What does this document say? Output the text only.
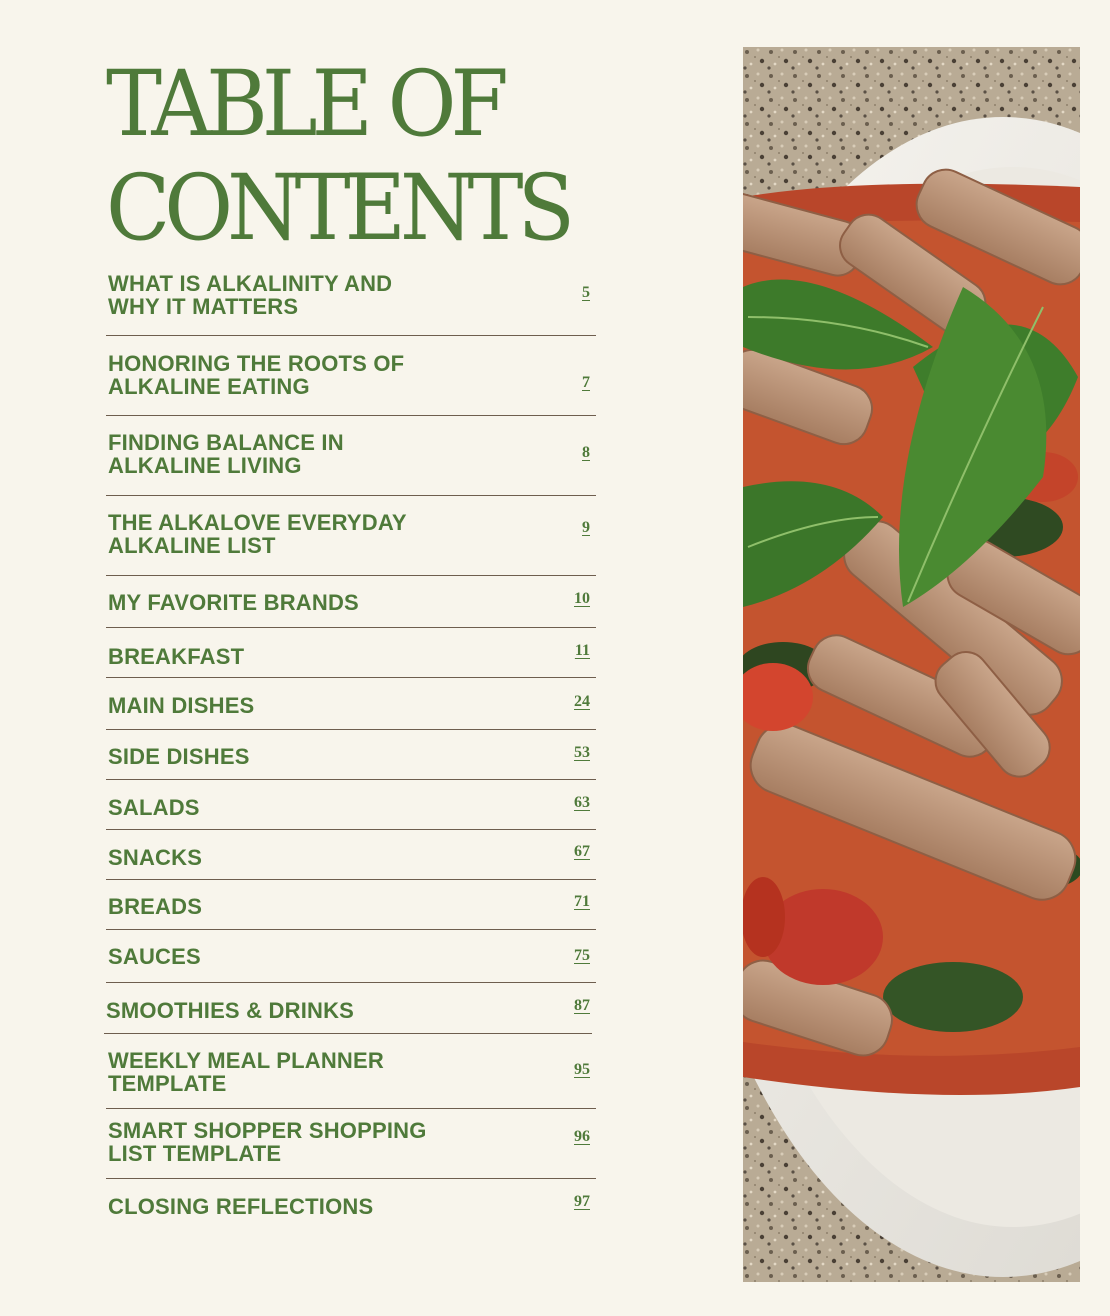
TABLE OF
CONTENTS
WHAT IS ALKALINITY AND
WHY IT MATTERS
5
HONORING THE ROOTS OF
ALKALINE EATING	7
FINDING BALANCE IN
ALKALINE LIVING
8
THE ALKALOVE EVERYDAY
ALKALINE LIST
9
MY FAVORITE BRANDS	10
BREAKFAST	11
MAIN DISHES	24
SIDE DISHES	53
SALADS	63
SNACKS	67
BREADS	71
SAUCES	75
SMOOTHIES & DRINKS	87
WEEKLY MEAL PLANNER
TEMPLATE
95
SMART SHOPPER SHOPPING
LIST TEMPLATE
96
CLOSING REFLECTIONS	97
